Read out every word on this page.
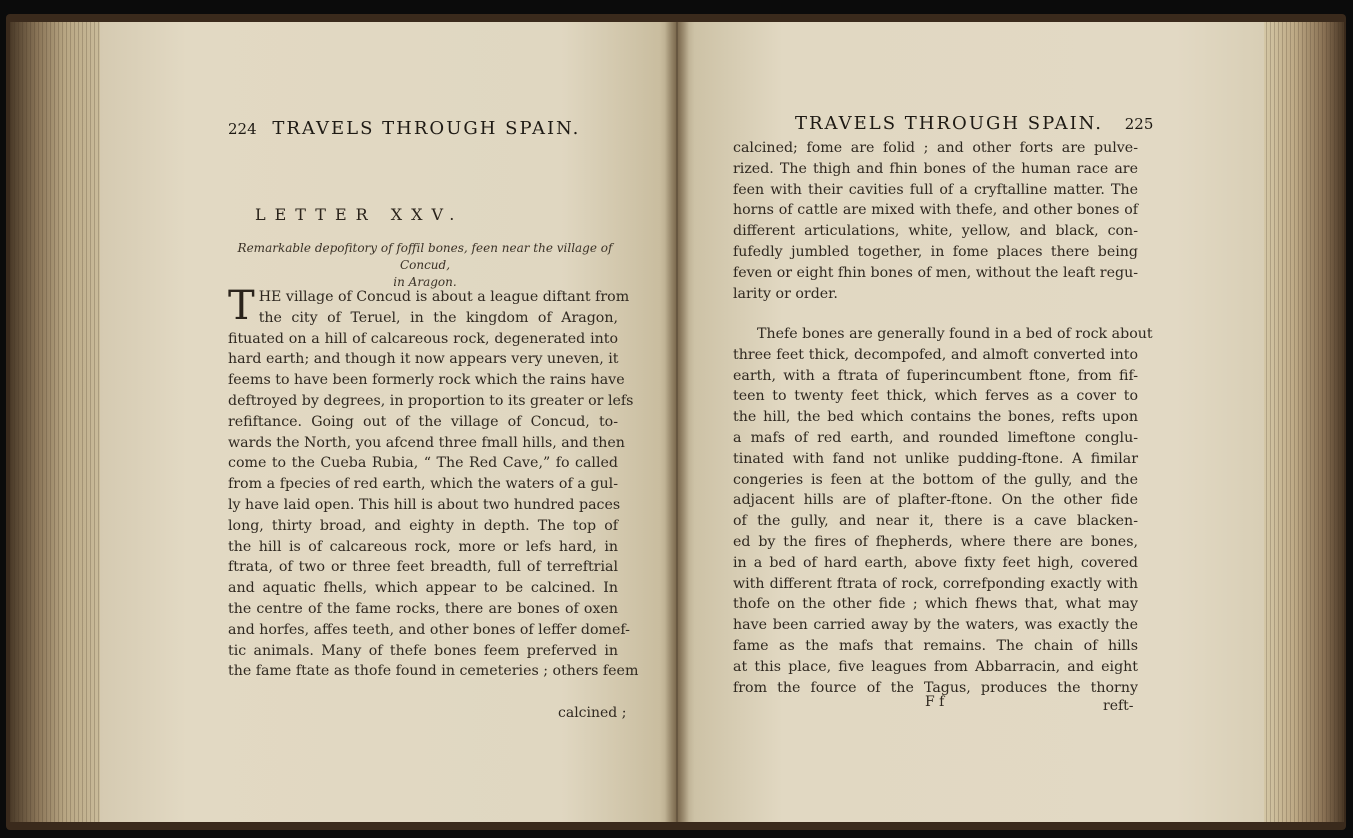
224 TRAVELS THROUGH SPAIN.
LETTER XXV.
Remarkable depofitory of foffil bones, feen near the village of Concud,
in Aragon.
T HE village of Concud is about a league diftant from
the city of Teruel, in the kingdom of Aragon,
fituated on a hill of calcareous rock, degenerated into
hard earth; and though it now appears very uneven, it
feems to have been formerly rock which the rains have
deftroyed by degrees, in proportion to its greater or lefs
refiftance. Going out of the village of Concud, to-
wards the North, you afcend three fmall hills, and then
come to the Cueba Rubia, “ The Red Cave,” fo called
from a fpecies of red earth, which the waters of a gul-
ly have laid open. This hill is about two hundred paces
long, thirty broad, and eighty in depth. The top of
the hill is of calcareous rock, more or lefs hard, in
ftrata, of two or three feet breadth, full of terreftrial
and aquatic fhells, which appear to be calcined. In
the centre of the fame rocks, there are bones of oxen
and horfes, affes teeth, and other bones of leffer domef-
tic animals. Many of thefe bones feem preferved in
the fame ftate as thofe found in cemeteries ; others feem
calcined ;
TRAVELS THROUGH SPAIN. 225
calcined; fome are folid ; and other forts are pulve-
rized. The thigh and fhin bones of the human race are
feen with their cavities full of a cryftalline matter. The
horns of cattle are mixed with thefe, and other bones of
different articulations, white, yellow, and black, con-
fufedly jumbled together, in fome places there being
feven or eight fhin bones of men, without the leaft regu-
larity or order.
Thefe bones are generally found in a bed of rock about
three feet thick, decompofed, and almoft converted into
earth, with a ftrata of fuperincumbent ftone, from fif-
teen to twenty feet thick, which ferves as a cover to
the hill, the bed which contains the bones, refts upon
a mafs of red earth, and rounded limeftone conglu-
tinated with fand not unlike pudding-ftone. A fimilar
congeries is feen at the bottom of the gully, and the
adjacent hills are of plafter-ftone. On the other fide
of the gully, and near it, there is a cave blacken-
ed by the fires of fhepherds, where there are bones,
in a bed of hard earth, above fixty feet high, covered
with different ftrata of rock, correfponding exactly with
thofe on the other fide ; which fhews that, what may
have been carried away by the waters, was exactly the
fame as the mafs that remains. The chain of hills
at this place, five leagues from Abbarracin, and eight
from the fource of the Tagus, produces the thorny
F f	reft-
